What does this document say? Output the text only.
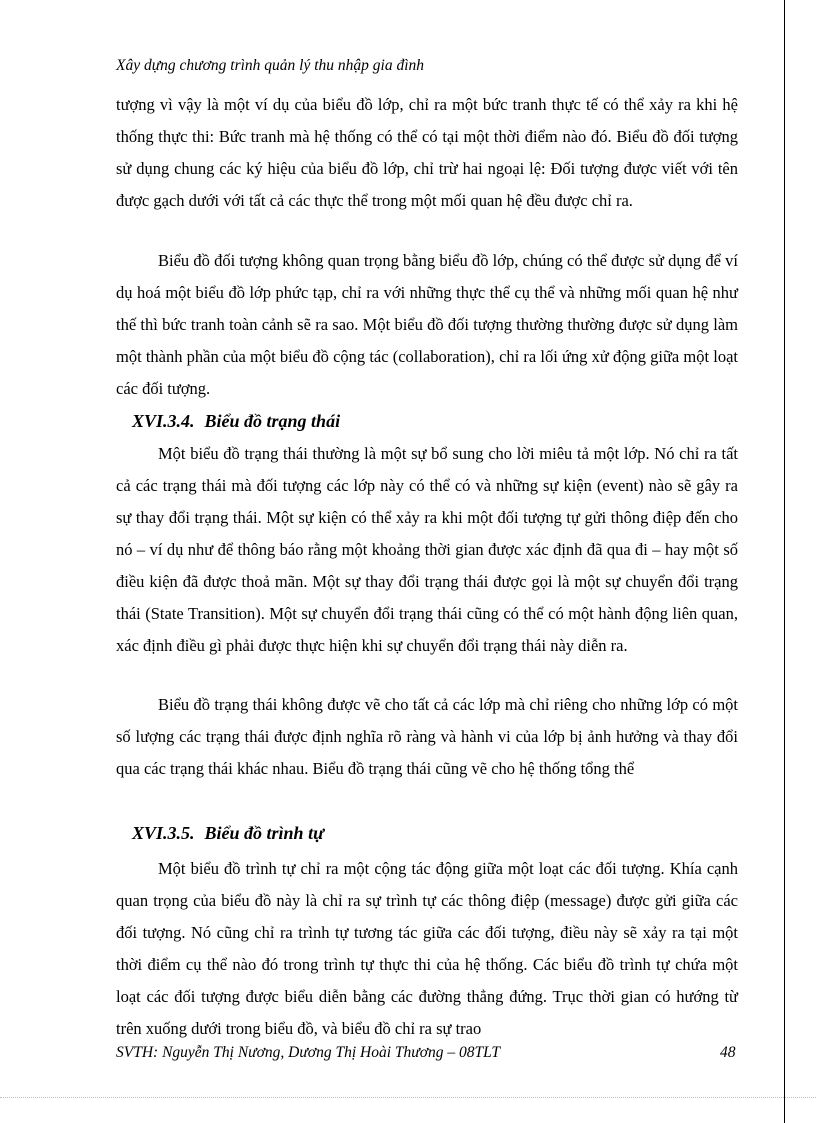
Xây dựng chương trình quản lý thu nhập gia đình

tượng vì vậy là một ví dụ của biểu đồ lớp, chỉ ra một bức tranh thực tế có thể xảy ra khi hệ thống thực thi: Bức tranh mà hệ thống có thể có tại một thời điểm nào đó. Biểu đồ đối tượng sử dụng chung các ký hiệu của biểu đồ lớp, chỉ trừ hai ngoại lệ: Đối tượng được viết với tên được gạch dưới với tất cả các thực thể trong một mối quan hệ đều được chỉ ra.

Biểu đồ đối tượng không quan trọng bằng biểu đồ lớp, chúng có thể được sử dụng để ví dụ hoá một biểu đồ lớp phức tạp, chỉ ra với những thực thể cụ thể và những mối quan hệ như thế thì bức tranh toàn cảnh sẽ ra sao. Một biểu đồ đối tượng thường thường được sử dụng làm một thành phần của một biểu đồ cộng tác (collaboration), chỉ ra lối ứng xử động giữa một loạt các đối tượng.

XVI.3.4. Biểu đồ trạng thái

Một biểu đồ trạng thái thường là một sự bổ sung cho lời miêu tả một lớp. Nó chỉ ra tất cả các trạng thái mà đối tượng các lớp này có thể có và những sự kiện (event) nào sẽ gây ra sự thay đổi trạng thái. Một sự kiện có thể xảy ra khi một đối tượng tự gửi thông điệp đến cho nó – ví dụ như để thông báo rằng một khoảng thời gian được xác định đã qua đi – hay một số điều kiện đã được thoả mãn. Một sự thay đổi trạng thái được gọi là một sự chuyển đổi trạng thái (State Transition). Một sự chuyển đổi trạng thái cũng có thể có một hành động liên quan, xác định điều gì phải được thực hiện khi sự chuyển đổi trạng thái này diễn ra.

Biểu đồ trạng thái không được vẽ cho tất cả các lớp mà chỉ riêng cho những lớp có một số lượng các trạng thái được định nghĩa rõ ràng và hành vi của lớp bị ảnh hưởng và thay đổi qua các trạng thái khác nhau. Biểu đồ trạng thái cũng vẽ cho hệ thống tổng thể

XVI.3.5. Biểu đồ trình tự

Một biểu đồ trình tự chỉ ra một cộng tác động giữa một loạt các đối tượng. Khía cạnh quan trọng của biểu đồ này là chỉ ra sự trình tự các thông điệp (message) được gửi giữa các đối tượng. Nó cũng chỉ ra trình tự tương tác giữa các đối tượng, điều này sẽ xảy ra tại một thời điểm cụ thể nào đó trong trình tự thực thi của hệ thống. Các biểu đồ trình tự chứa một loạt các đối tượng được biểu diễn bằng các đường thẳng đứng. Trục thời gian có hướng từ trên xuống dưới trong biểu đồ, và biểu đồ chỉ ra sự trao

SVTH: Nguyễn Thị Nương, Dương Thị Hoài Thương – 08TLT	48
